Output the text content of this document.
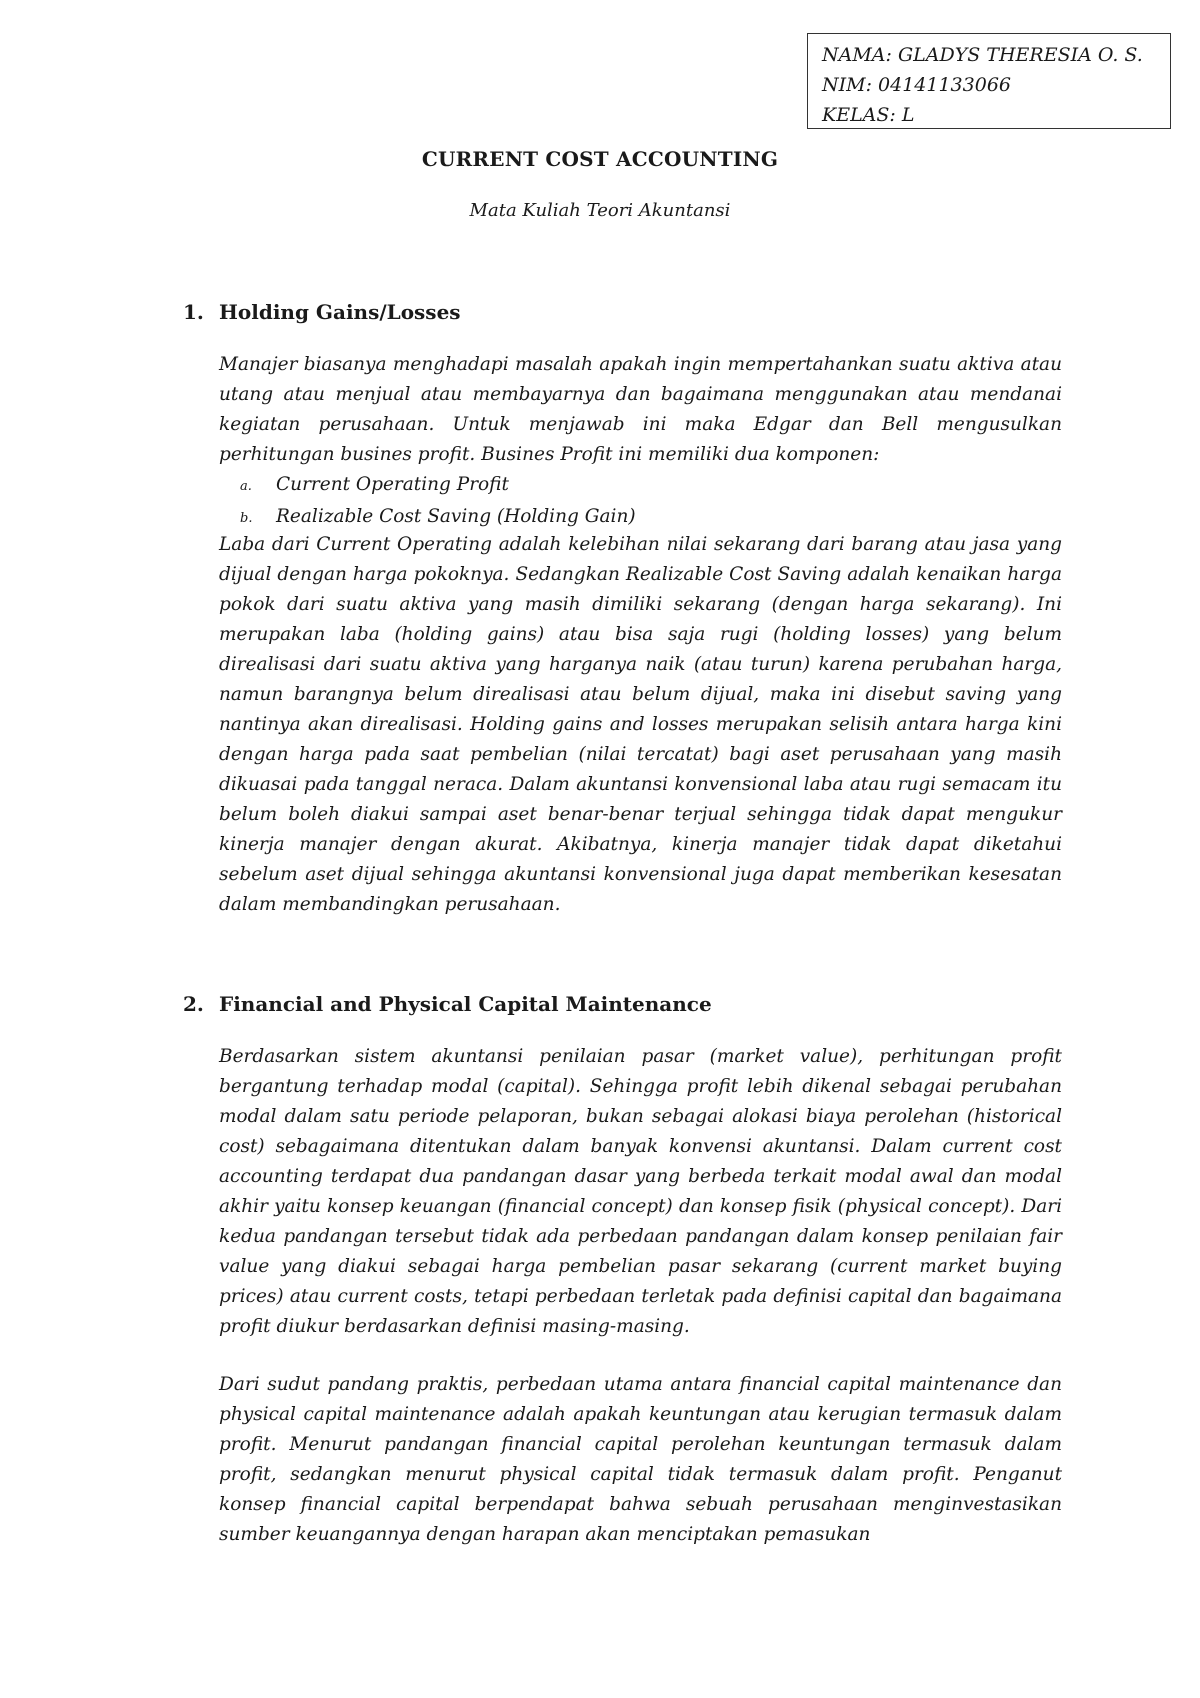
NAMA: GLADYS THERESIA O. S.
NIM: 04141133066
KELAS: L
CURRENT COST ACCOUNTING
Mata Kuliah Teori Akuntansi
1. Holding Gains/Losses

Manajer biasanya menghadapi masalah apakah ingin mempertahankan suatu aktiva atau utang atau menjual atau membayarnya dan bagaimana menggunakan atau mendanai kegiatan perusahaan. Untuk menjawab ini maka Edgar dan Bell mengusulkan perhitungan busines profit. Busines Profit ini memiliki dua komponen:

a. Current Operating Profit
b. Realizable Cost Saving (Holding Gain)

Laba dari Current Operating adalah kelebihan nilai sekarang dari barang atau jasa yang dijual dengan harga pokoknya. Sedangkan Realizable Cost Saving adalah kenaikan harga pokok dari suatu aktiva yang masih dimiliki sekarang (dengan harga sekarang). Ini merupakan laba (holding gains) atau bisa saja rugi (holding losses) yang belum direalisasi dari suatu aktiva yang harganya naik (atau turun) karena perubahan harga, namun barangnya belum direalisasi atau belum dijual, maka ini disebut saving yang nantinya akan direalisasi. Holding gains and losses merupakan selisih antara harga kini dengan harga pada saat pembelian (nilai tercatat) bagi aset perusahaan yang masih dikuasai pada tanggal neraca. Dalam akuntansi konvensional laba atau rugi semacam itu belum boleh diakui sampai aset benar-benar terjual sehingga tidak dapat mengukur kinerja manajer dengan akurat. Akibatnya, kinerja manajer tidak dapat diketahui sebelum aset dijual sehingga akuntansi konvensional juga dapat memberikan kesesatan dalam membandingkan perusahaan.

2. Financial and Physical Capital Maintenance

Berdasarkan sistem akuntansi penilaian pasar (market value), perhitungan profit bergantung terhadap modal (capital). Sehingga profit lebih dikenal sebagai perubahan modal dalam satu periode pelaporan, bukan sebagai alokasi biaya perolehan (historical cost) sebagaimana ditentukan dalam banyak konvensi akuntansi. Dalam current cost accounting terdapat dua pandangan dasar yang berbeda terkait modal awal dan modal akhir yaitu konsep keuangan (financial concept) dan konsep fisik (physical concept). Dari kedua pandangan tersebut tidak ada perbedaan pandangan dalam konsep penilaian fair value yang diakui sebagai harga pembelian pasar sekarang (current market buying prices) atau current costs, tetapi perbedaan terletak pada definisi capital dan bagaimana profit diukur berdasarkan definisi masing-masing.

Dari sudut pandang praktis, perbedaan utama antara financial capital maintenance dan physical capital maintenance adalah apakah keuntungan atau kerugian termasuk dalam profit. Menurut pandangan financial capital perolehan keuntungan termasuk dalam profit, sedangkan menurut physical capital tidak termasuk dalam profit. Penganut konsep financial capital berpendapat bahwa sebuah perusahaan menginvestasikan sumber keuangannya dengan harapan akan menciptakan pemasukan
